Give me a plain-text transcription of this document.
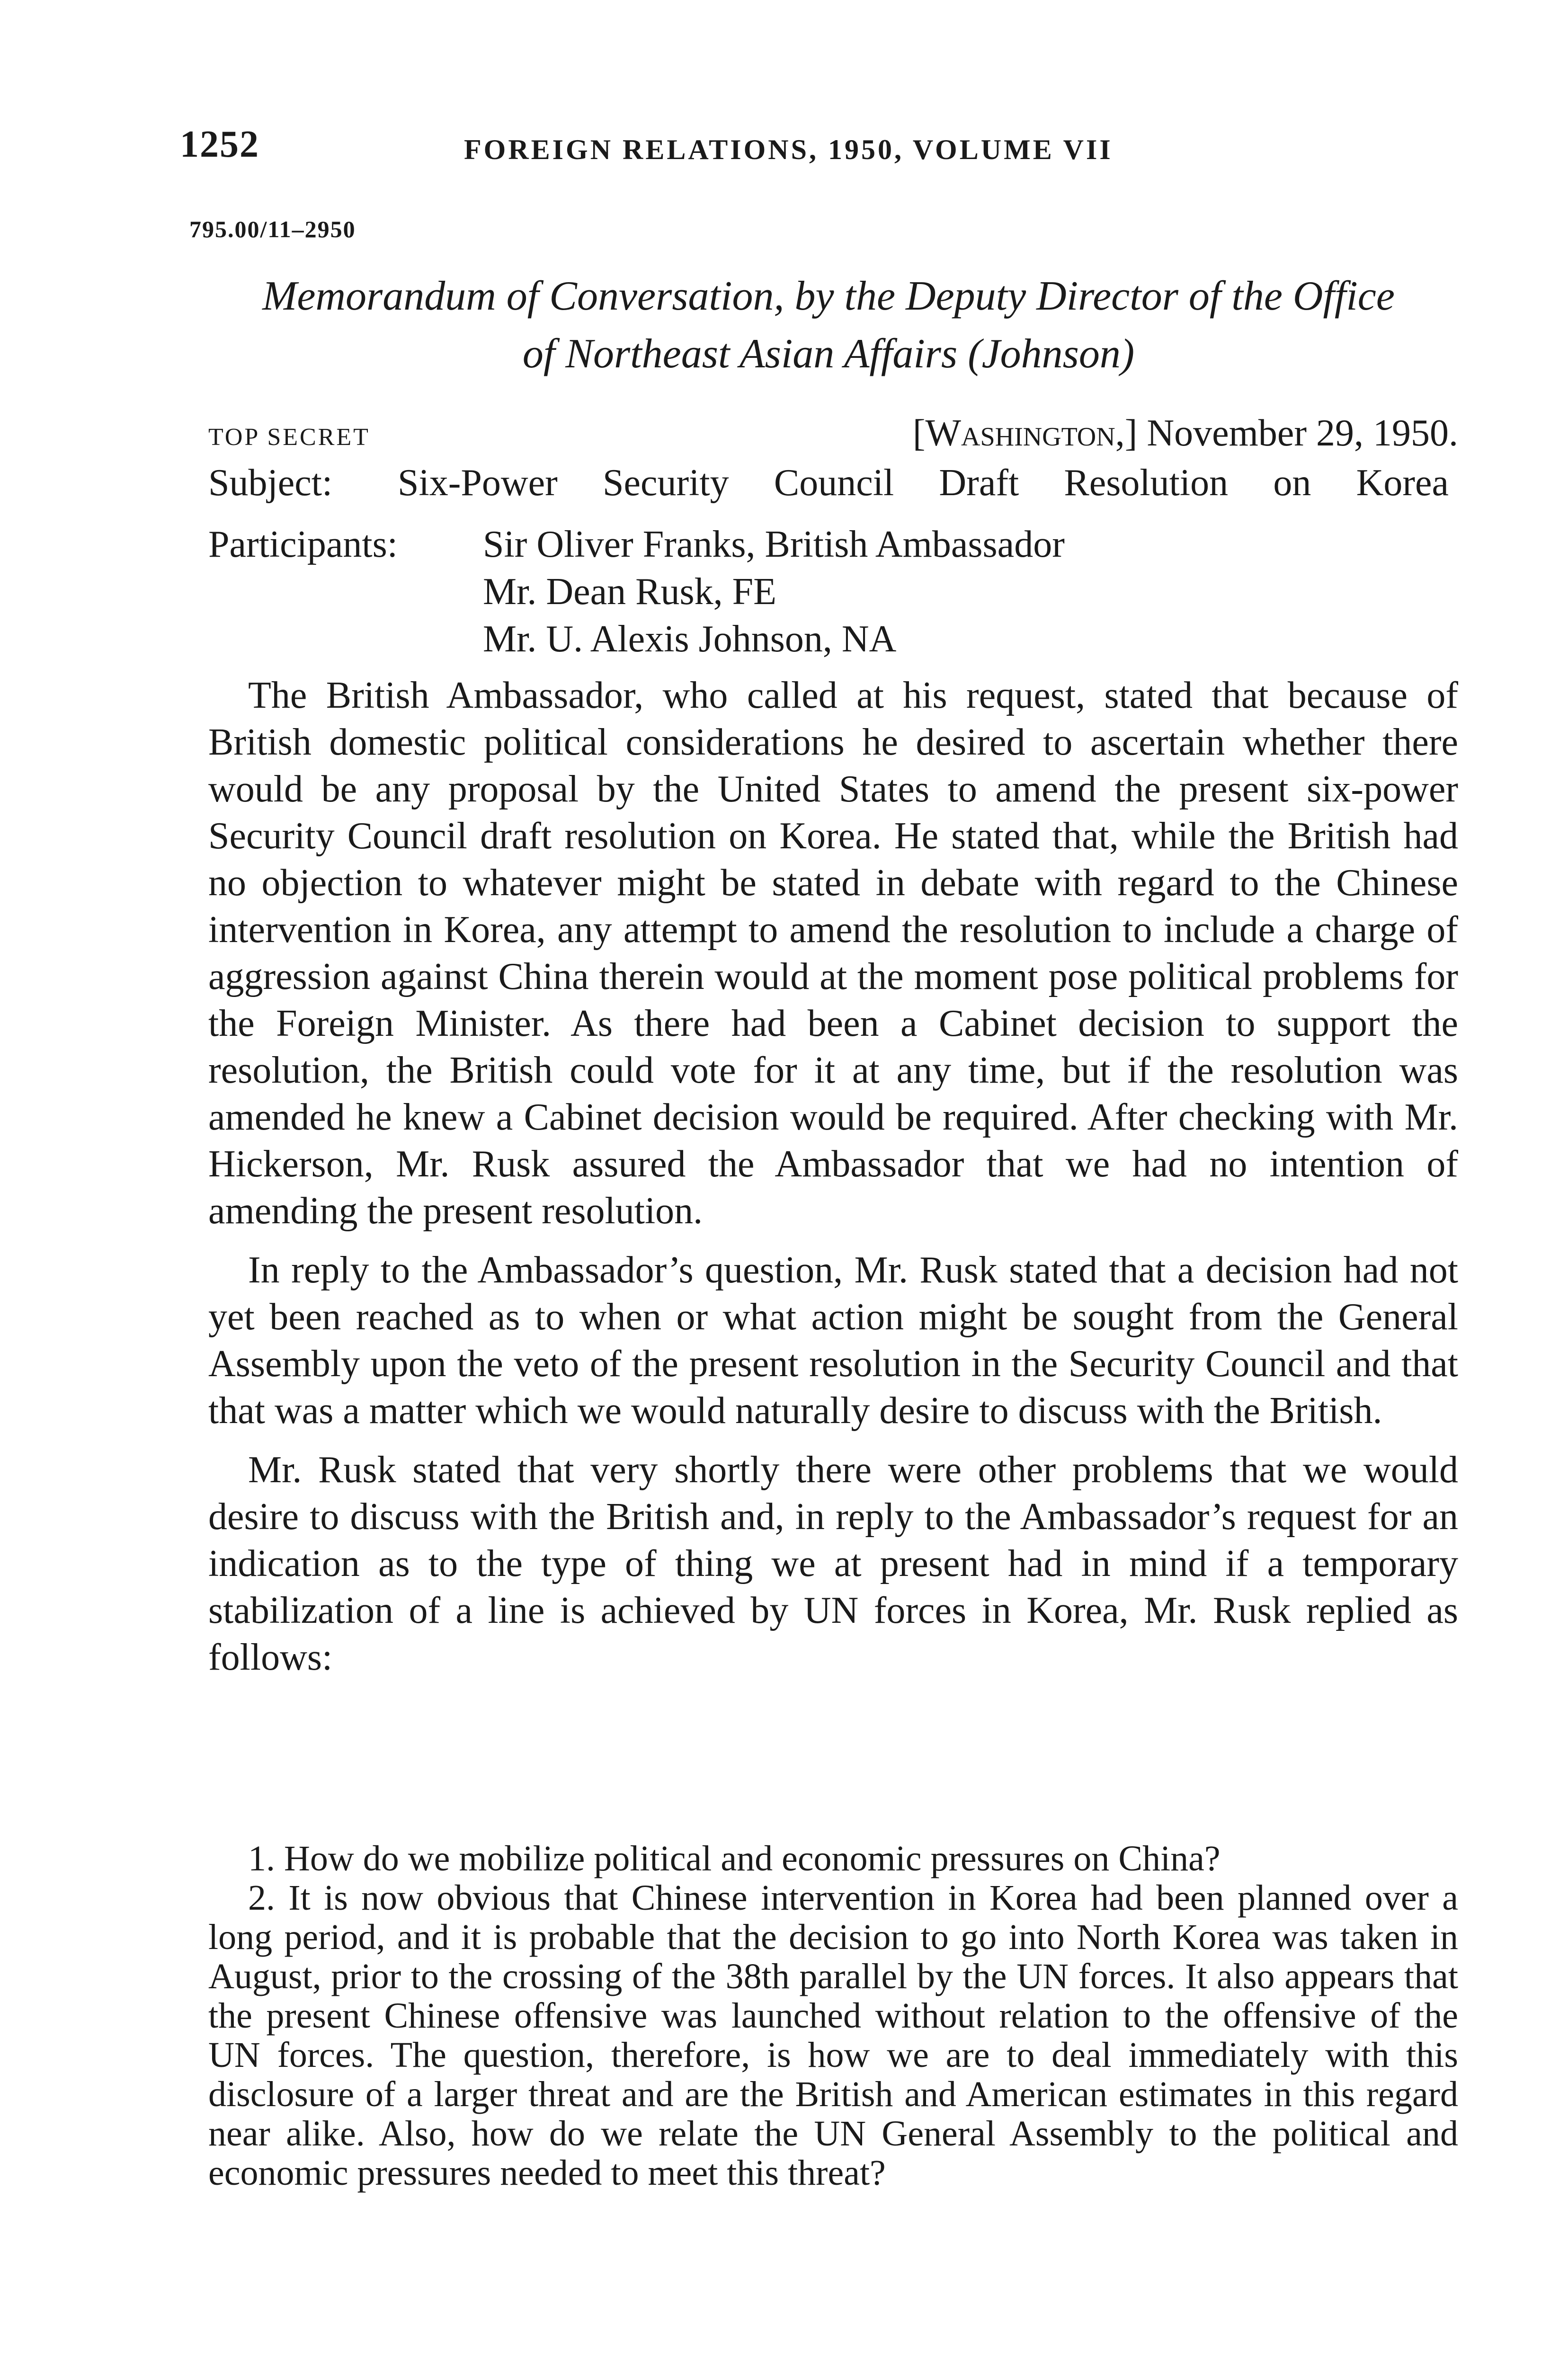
1252	FOREIGN RELATIONS, 1950, VOLUME VII
795.00/11–2950
Memorandum of Conversation, by the Deputy Director of the Office
of Northeast Asian Affairs (Johnson)
TOP SECRET	[Washington,] November 29, 1950.
Subject: Six-Power Security Council Draft Resolution on Korea
Participants: Sir Oliver Franks, British Ambassador
Mr. Dean Rusk, FE
Mr. U. Alexis Johnson, NA

The British Ambassador, who called at his request, stated that because of British domestic political considerations he desired to ascertain whether there would be any proposal by the United States to amend the present six-power Security Council draft resolution on Korea. He stated that, while the British had no objection to whatever might be stated in debate with regard to the Chinese intervention in Korea, any attempt to amend the resolution to include a charge of aggression against China therein would at the moment pose political problems for the Foreign Minister. As there had been a Cabinet decision to support the resolution, the British could vote for it at any time, but if the resolution was amended he knew a Cabinet decision would be required. After checking with Mr. Hickerson, Mr. Rusk assured the Ambassador that we had no intention of amending the present resolution.

In reply to the Ambassador’s question, Mr. Rusk stated that a decision had not yet been reached as to when or what action might be sought from the General Assembly upon the veto of the present resolution in the Security Council and that that was a matter which we would naturally desire to discuss with the British.

Mr. Rusk stated that very shortly there were other problems that we would desire to discuss with the British and, in reply to the Ambassador’s request for an indication as to the type of thing we at present had in mind if a temporary stabilization of a line is achieved by UN forces in Korea, Mr. Rusk replied as follows:

1. How do we mobilize political and economic pressures on China?

2. It is now obvious that Chinese intervention in Korea had been planned over a long period, and it is probable that the decision to go into North Korea was taken in August, prior to the crossing of the 38th parallel by the UN forces. It also appears that the present Chinese offensive was launched without relation to the offensive of the UN forces. The question, therefore, is how we are to deal immediately with this disclosure of a larger threat and are the British and American estimates in this regard near alike. Also, how do we relate the UN General Assembly to the political and economic pressures needed to meet this threat?
